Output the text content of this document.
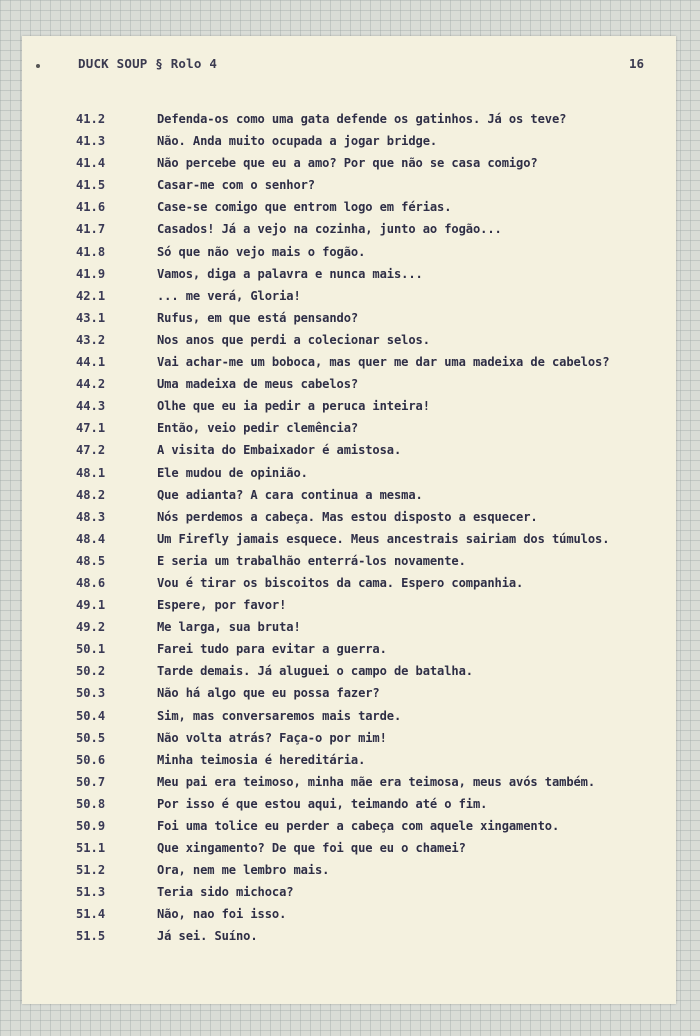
DUCK SOUP § Rolo 4	16
41.2	Defenda-os como uma gata defende os gatinhos. Já os teve?
41.3	Não. Anda muito ocupada a jogar bridge.
41.4	Não percebe que eu a amo? Por que não se casa comigo?
41.5	Casar-me com o senhor?
41.6	Case-se comigo que entrom logo em férias.
41.7	Casados! Já a vejo na cozinha, junto ao fogão...
41.8	Só que não vejo mais o fogão.
41.9	Vamos, diga a palavra e nunca mais...
42.1	... me verá, Gloria!
43.1	Rufus, em que está pensando?
43.2	Nos anos que perdi a colecionar selos.
44.1	Vai achar-me um boboca, mas quer me dar uma madeixa de cabelos?
44.2	Uma madeixa de meus cabelos?
44.3	Olhe que eu ia pedir a peruca inteira!
47.1	Então, veio pedir clemência?
47.2	A visita do Embaixador é amistosa.
48.1	Ele mudou de opinião.
48.2	Que adianta? A cara continua a mesma.
48.3	Nós perdemos a cabeça. Mas estou disposto a esquecer.
48.4	Um Firefly jamais esquece. Meus ancestrais sairiam dos túmulos.
48.5	E seria um trabalhão enterrá-los novamente.
48.6	Vou é tirar os biscoitos da cama. Espero companhia.
49.1	Espere, por favor!
49.2	Me larga, sua bruta!
50.1	Farei tudo para evitar a guerra.
50.2	Tarde demais. Já aluguei o campo de batalha.
50.3	Não há algo que eu possa fazer?
50.4	Sim, mas conversaremos mais tarde.
50.5	Não volta atrás? Faça-o por mim!
50.6	Minha teimosia é hereditária.
50.7	Meu pai era teimoso, minha mãe era teimosa, meus avós também.
50.8	Por isso é que estou aqui, teimando até o fim.
50.9	Foi uma tolice eu perder a cabeça com aquele xingamento.
51.1	Que xingamento? De que foi que eu o chamei?
51.2	Ora, nem me lembro mais.
51.3	Teria sido michoca?
51.4	Não, nao foi isso.
51.5	Já sei. Suíno.
